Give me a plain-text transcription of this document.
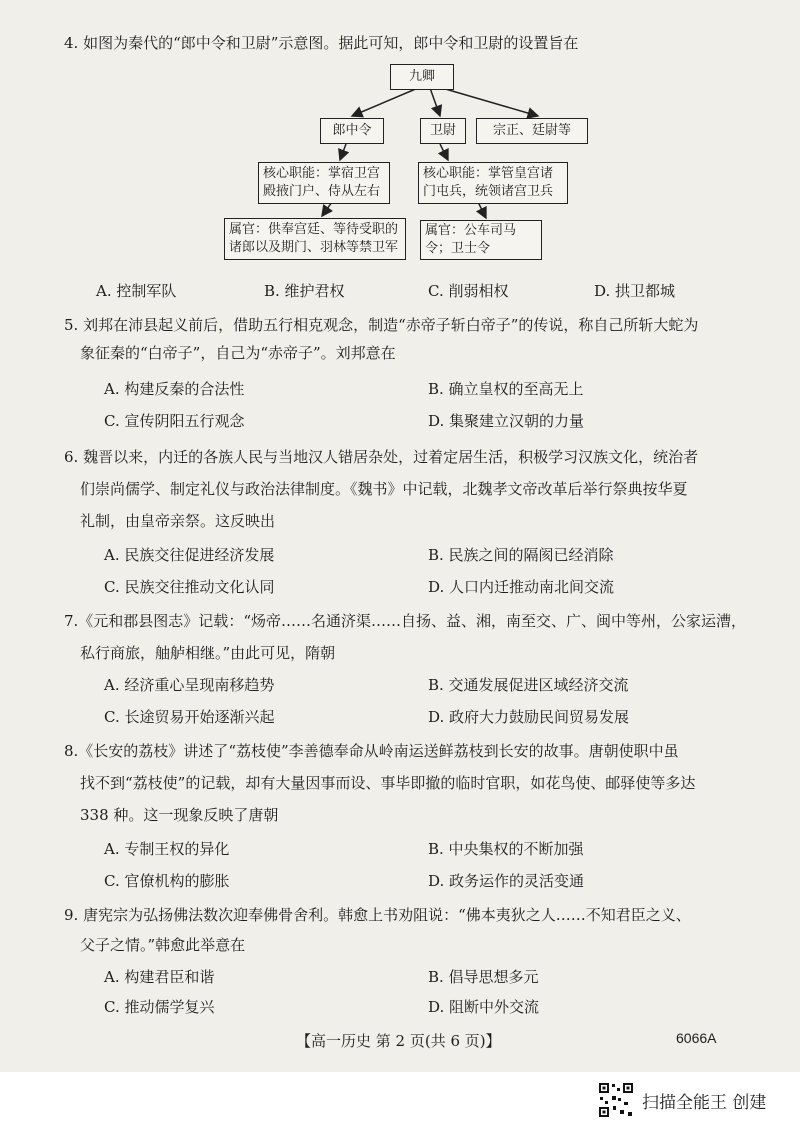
4. 如图为秦代的“郎中令和卫尉”示意图。据此可知，郎中令和卫尉的设置旨在
九卿
郎中令	卫尉	宗正、廷尉等
核心职能：掌宿卫宫殿掖门户、侍从左右
核心职能：掌管皇宫诸门屯兵，统领诸宫卫兵
属官：供奉宫廷、等待受职的诸郎以及期门、羽林等禁卫军
属官：公车司马令；卫士令
A. 控制军队	B. 维护君权	C. 削弱相权	D. 拱卫都城
5. 刘邦在沛县起义前后，借助五行相克观念，制造“赤帝子斩白帝子”的传说，称自己所斩大蛇为
象征秦的“白帝子”，自己为“赤帝子”。刘邦意在
A. 构建反秦的合法性	B. 确立皇权的至高无上
C. 宣传阴阳五行观念	D. 集聚建立汉朝的力量
6. 魏晋以来，内迁的各族人民与当地汉人错居杂处，过着定居生活，积极学习汉族文化，统治者
们崇尚儒学、制定礼仪与政治法律制度。《魏书》中记载，北魏孝文帝改革后举行祭典按华夏
礼制，由皇帝亲祭。这反映出
A. 民族交往促进经济发展	B. 民族之间的隔阂已经消除
C. 民族交往推动文化认同	D. 人口内迁推动南北间交流
7.《元和郡县图志》记载：“炀帝……名通济渠……自扬、益、湘，南至交、广、闽中等州，公家运漕，
私行商旅，舳舻相继。”由此可见，隋朝
A. 经济重心呈现南移趋势	B. 交通发展促进区域经济交流
C. 长途贸易开始逐渐兴起	D. 政府大力鼓励民间贸易发展
8.《长安的荔枝》讲述了“荔枝使”李善德奉命从岭南运送鲜荔枝到长安的故事。唐朝使职中虽
找不到“荔枝使”的记载，却有大量因事而设、事毕即撤的临时官职，如花鸟使、邮驿使等多达
338 种。这一现象反映了唐朝
A. 专制王权的异化	B. 中央集权的不断加强
C. 官僚机构的膨胀	D. 政务运作的灵活变通
9. 唐宪宗为弘扬佛法数次迎奉佛骨舍利。韩愈上书劝阻说：“佛本夷狄之人……不知君臣之义、
父子之情。”韩愈此举意在
A. 构建君臣和谐	B. 倡导思想多元
C. 推动儒学复兴	D. 阻断中外交流
【高一历史 第 2 页(共 6 页)】	6066A
扫描全能王 创建
